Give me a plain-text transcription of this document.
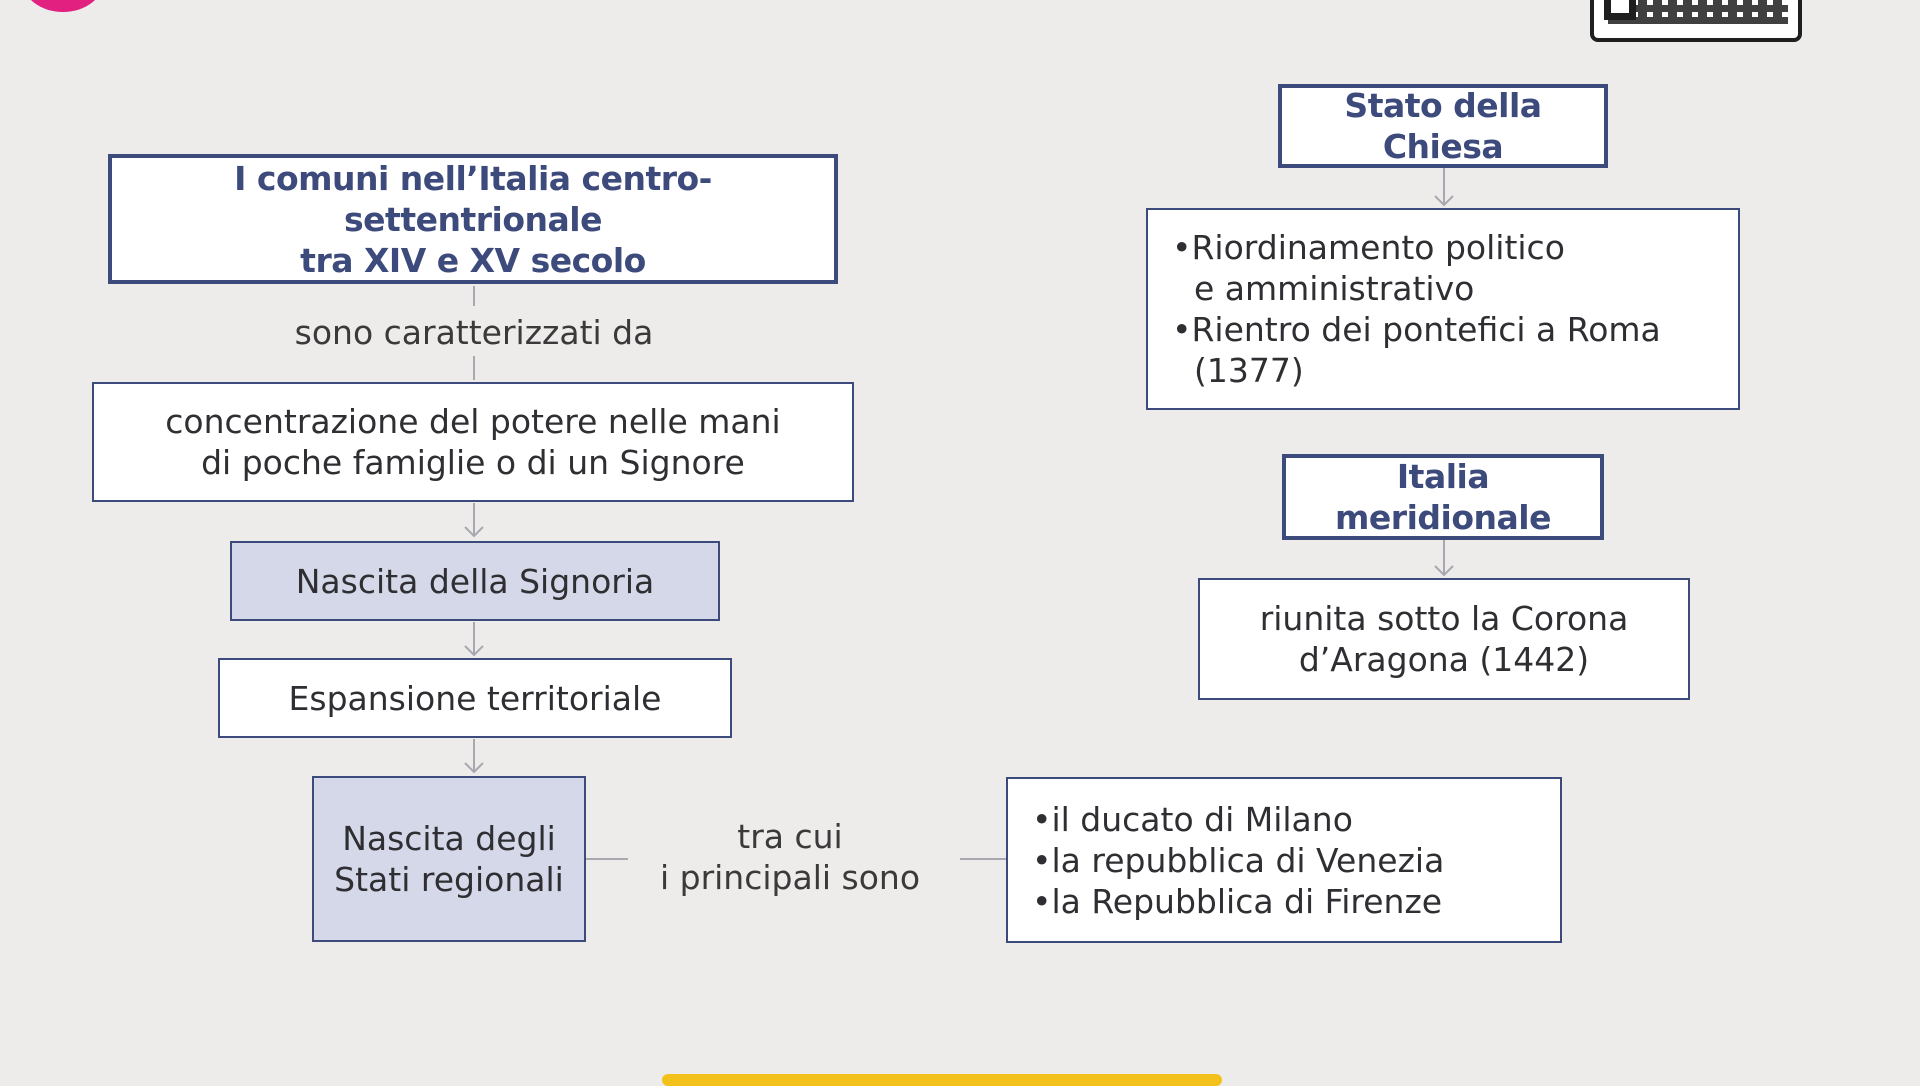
I comuni nell’Italia centro-settentrionale
tra XIV e XV secolo
sono caratterizzati da
concentrazione del potere nelle mani
di poche famiglie o di un Signore
Nascita della Signoria
Espansione territoriale
Nascita degli
Stati regionali
tra cui
i principali sono
•il ducato di Milano
•la repubblica di Venezia
•la Repubblica di Firenze
Stato della Chiesa
•Riordinamento politico
e amministrativo
•Rientro dei pontefici a Roma
(1377)
Italia meridionale
riunita sotto la Corona
d’Aragona (1442)
